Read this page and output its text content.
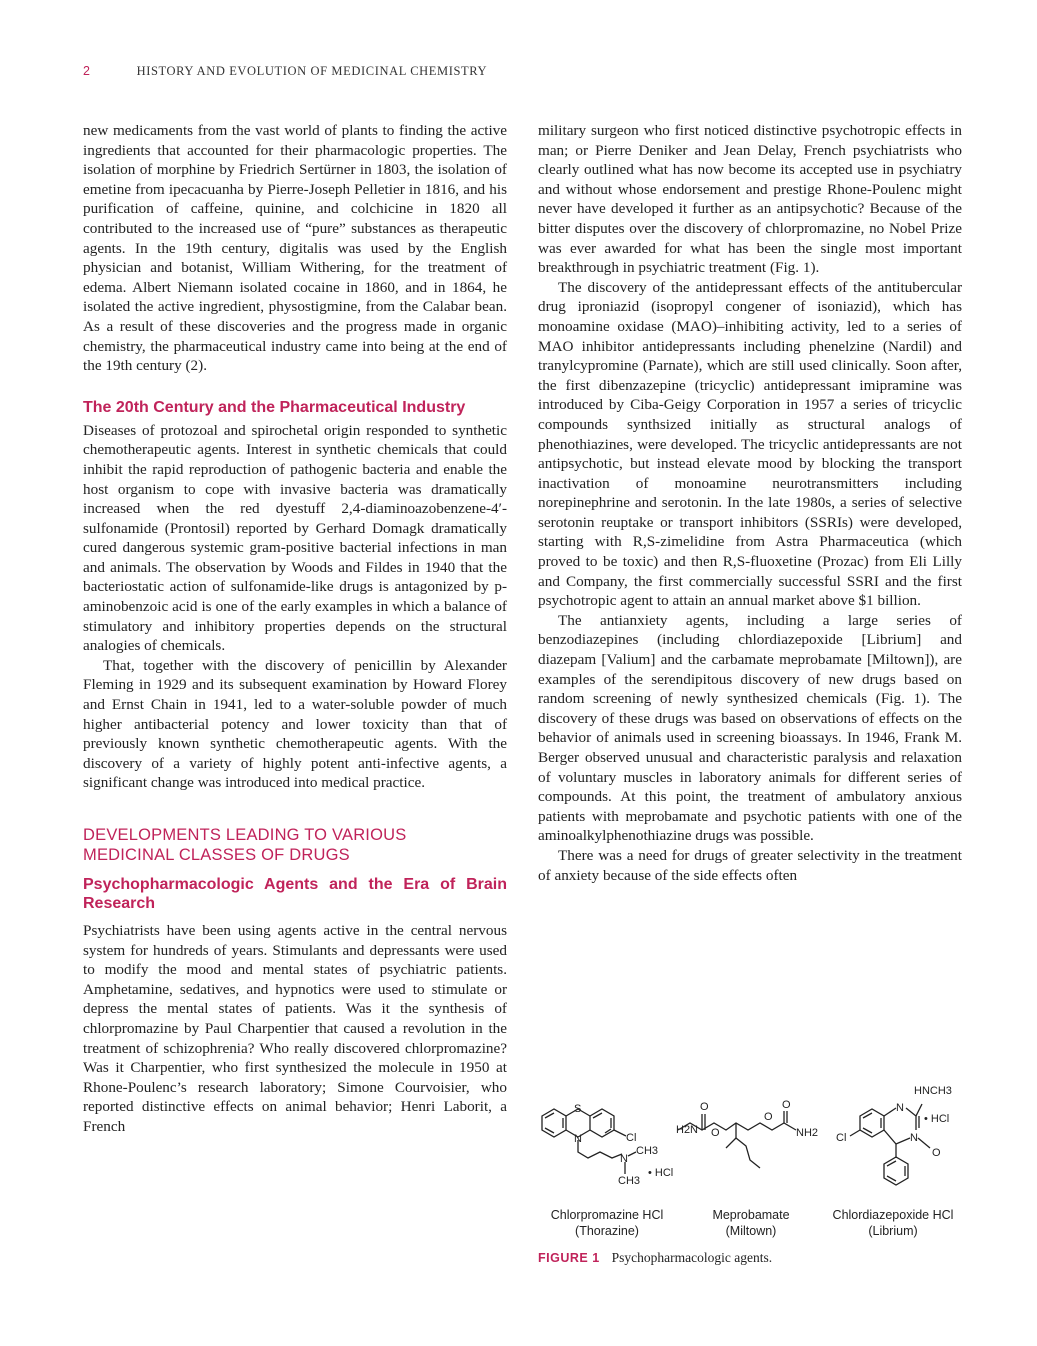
2	HISTORY AND EVOLUTION OF MEDICINAL CHEMISTRY

new medicaments from the vast world of plants to finding the active ingredients that accounted for their pharmacologic properties. The isolation of morphine by Friedrich Sertürner in 1803, the isolation of emetine from ipecacuanha by Pierre-Joseph Pelletier in 1816, and his purification of caffeine, quinine, and colchicine in 1820 all contributed to the increased use of “pure” substances as therapeutic agents. In the 19th century, digitalis was used by the English physician and botanist, William Withering, for the treatment of edema. Albert Niemann isolated cocaine in 1860, and in 1864, he isolated the active ingredient, physostigmine, from the Calabar bean. As a result of these discoveries and the progress made in organic chemistry, the pharmaceutical industry came into being at the end of the 19th century (2).

The 20th Century and the Pharmaceutical Industry

Diseases of protozoal and spirochetal origin responded to synthetic chemotherapeutic agents. Interest in synthetic chemicals that could inhibit the rapid reproduction of pathogenic bacteria and enable the host organism to cope with invasive bacteria was dramatically increased when the red dyestuff 2,4-diaminoazobenzene-4′-sulfonamide (Prontosil) reported by Gerhard Domagk dramatically cured dangerous systemic gram-positive bacterial infections in man and animals. The observation by Woods and Fildes in 1940 that the bacteriostatic action of sulfonamide-like drugs is antagonized by p-aminobenzoic acid is one of the early examples in which a balance of stimulatory and inhibitory properties depends on the structural analogies of chemicals.

That, together with the discovery of penicillin by Alexander Fleming in 1929 and its subsequent examination by Howard Florey and Ernst Chain in 1941, led to a water-soluble powder of much higher antibacterial potency and lower toxicity than that of previously known synthetic chemotherapeutic agents. With the discovery of a variety of highly potent anti-infective agents, a significant change was introduced into medical practice.

DEVELOPMENTS LEADING TO VARIOUS
MEDICINAL CLASSES OF DRUGS
Psychopharmacologic Agents and the Era of Brain Research

Psychiatrists have been using agents active in the central nervous system for hundreds of years. Stimulants and depressants were used to modify the mood and mental states of psychiatric patients. Amphetamine, sedatives, and hypnotics were used to stimulate or depress the mental states of patients. Was it the synthesis of chlorpromazine by Paul Charpentier that caused a revolution in the treatment of schizophrenia? Who really discovered chlorpromazine? Was it Charpentier, who first synthesized the molecule in 1950 at Rhone-Poulenc’s research laboratory; Simone Courvoisier, who reported distinctive effects on animal behavior; Henri Laborit, a French

military surgeon who first noticed distinctive psychotropic effects in man; or Pierre Deniker and Jean Delay, French psychiatrists who clearly outlined what has now become its accepted use in psychiatry and without whose endorsement and prestige Rhone-Poulenc might never have developed it further as an antipsychotic? Because of the bitter disputes over the discovery of chlorpromazine, no Nobel Prize was ever awarded for what has been the single most important breakthrough in psychiatric treatment (Fig. 1).

The discovery of the antidepressant effects of the antitubercular drug iproniazid (isopropyl congener of isoniazid), which has monoamine oxidase (MAO)–inhibiting activity, led to a series of MAO inhibitor antidepressants including phenelzine (Nardil) and tranylcypromine (Parnate), which are still used clinically. Soon after, the first dibenzazepine (tricyclic) antidepressant imipramine was introduced by Ciba-Geigy Corporation in 1957 a series of tricyclic compounds synthsized initially as structural analogs of phenothiazines, were developed. The tricyclic antidepressants are not antipsychotic, but instead elevate mood by blocking the transport inactivation of monoamine neurotransmitters including norepinephrine and serotonin. In the late 1980s, a series of selective serotonin reuptake or transport inhibitors (SSRIs) were developed, starting with R,S-zimelidine from Astra Pharmaceutica (which proved to be toxic) and then R,S-fluoxetine (Prozac) from Eli Lilly and Company, the first commercially successful SSRI and the first psychotropic agent to attain an annual market above $1 billion.

The antianxiety agents, including a large series of benzodiazepines (including chlordiazepoxide [Librium] and diazepam [Valium] and the carbamate meprobamate [Miltown]), are examples of the serendipitous discovery of new drugs based on random screening of newly synthesized chemicals (Fig. 1). The discovery of these drugs was based on observations of effects on the behavior of animals used in screening bioassays. In 1946, Frank M. Berger observed unusual and characteristic paralysis and relaxation of voluntary muscles in laboratory animals for different series of compounds. At this point, the treatment of ambulatory anxious patients with meprobamate and psychotic patients with one of the aminoalkylphenothiazine drugs was possible.

There was a need for drugs of greater selectivity in the treatment of anxiety because of the side effects often

S
N	Cl
N
CH3
CH3
• HCl
H2N
O
O
O
O
NH2
HNCH3
N
• HCl
N
O
Cl
Chlorpromazine HCl
(Thorazine)
Meprobamate
(Miltown)
Chlordiazepoxide HCl
(Librium)
FIGURE 1 Psychopharmacologic agents.
